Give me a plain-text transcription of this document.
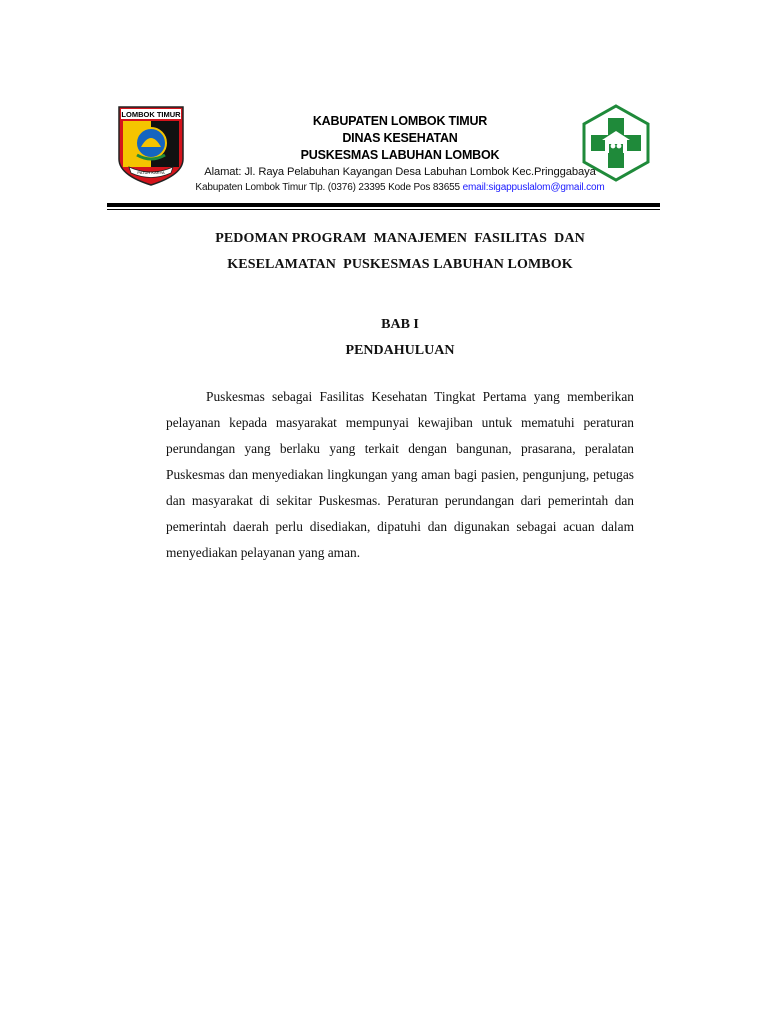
LOMBOK TIMUR
PATUH KARYA
KABUPATEN LOMBOK TIMUR
DINAS KESEHATAN
PUSKESMAS LABUHAN LOMBOK
Alamat: Jl. Raya Pelabuhan Kayangan Desa Labuhan Lombok Kec.Pringgabaya
Kabupaten Lombok Timur Tlp. (0376) 23395 Kode Pos 83655 email:sigappuslalom@gmail.com
PEDOMAN PROGRAM  MANAJEMEN  FASILITAS  DAN
KESELAMATAN  PUSKESMAS LABUHAN LOMBOK
BAB I
PENDAHULUAN

Puskesmas sebagai Fasilitas Kesehatan Tingkat Pertama yang memberikan pelayanan kepada masyarakat mempunyai kewajiban untuk mematuhi peraturan perundangan yang berlaku yang terkait dengan bangunan, prasarana, peralatan Puskesmas dan menyediakan lingkungan yang aman bagi pasien, pengunjung, petugas dan masyarakat di sekitar Puskesmas. Peraturan perundangan dari pemerintah dan pemerintah daerah perlu disediakan, dipatuhi dan digunakan sebagai acuan dalam menyediakan pelayanan yang aman.
